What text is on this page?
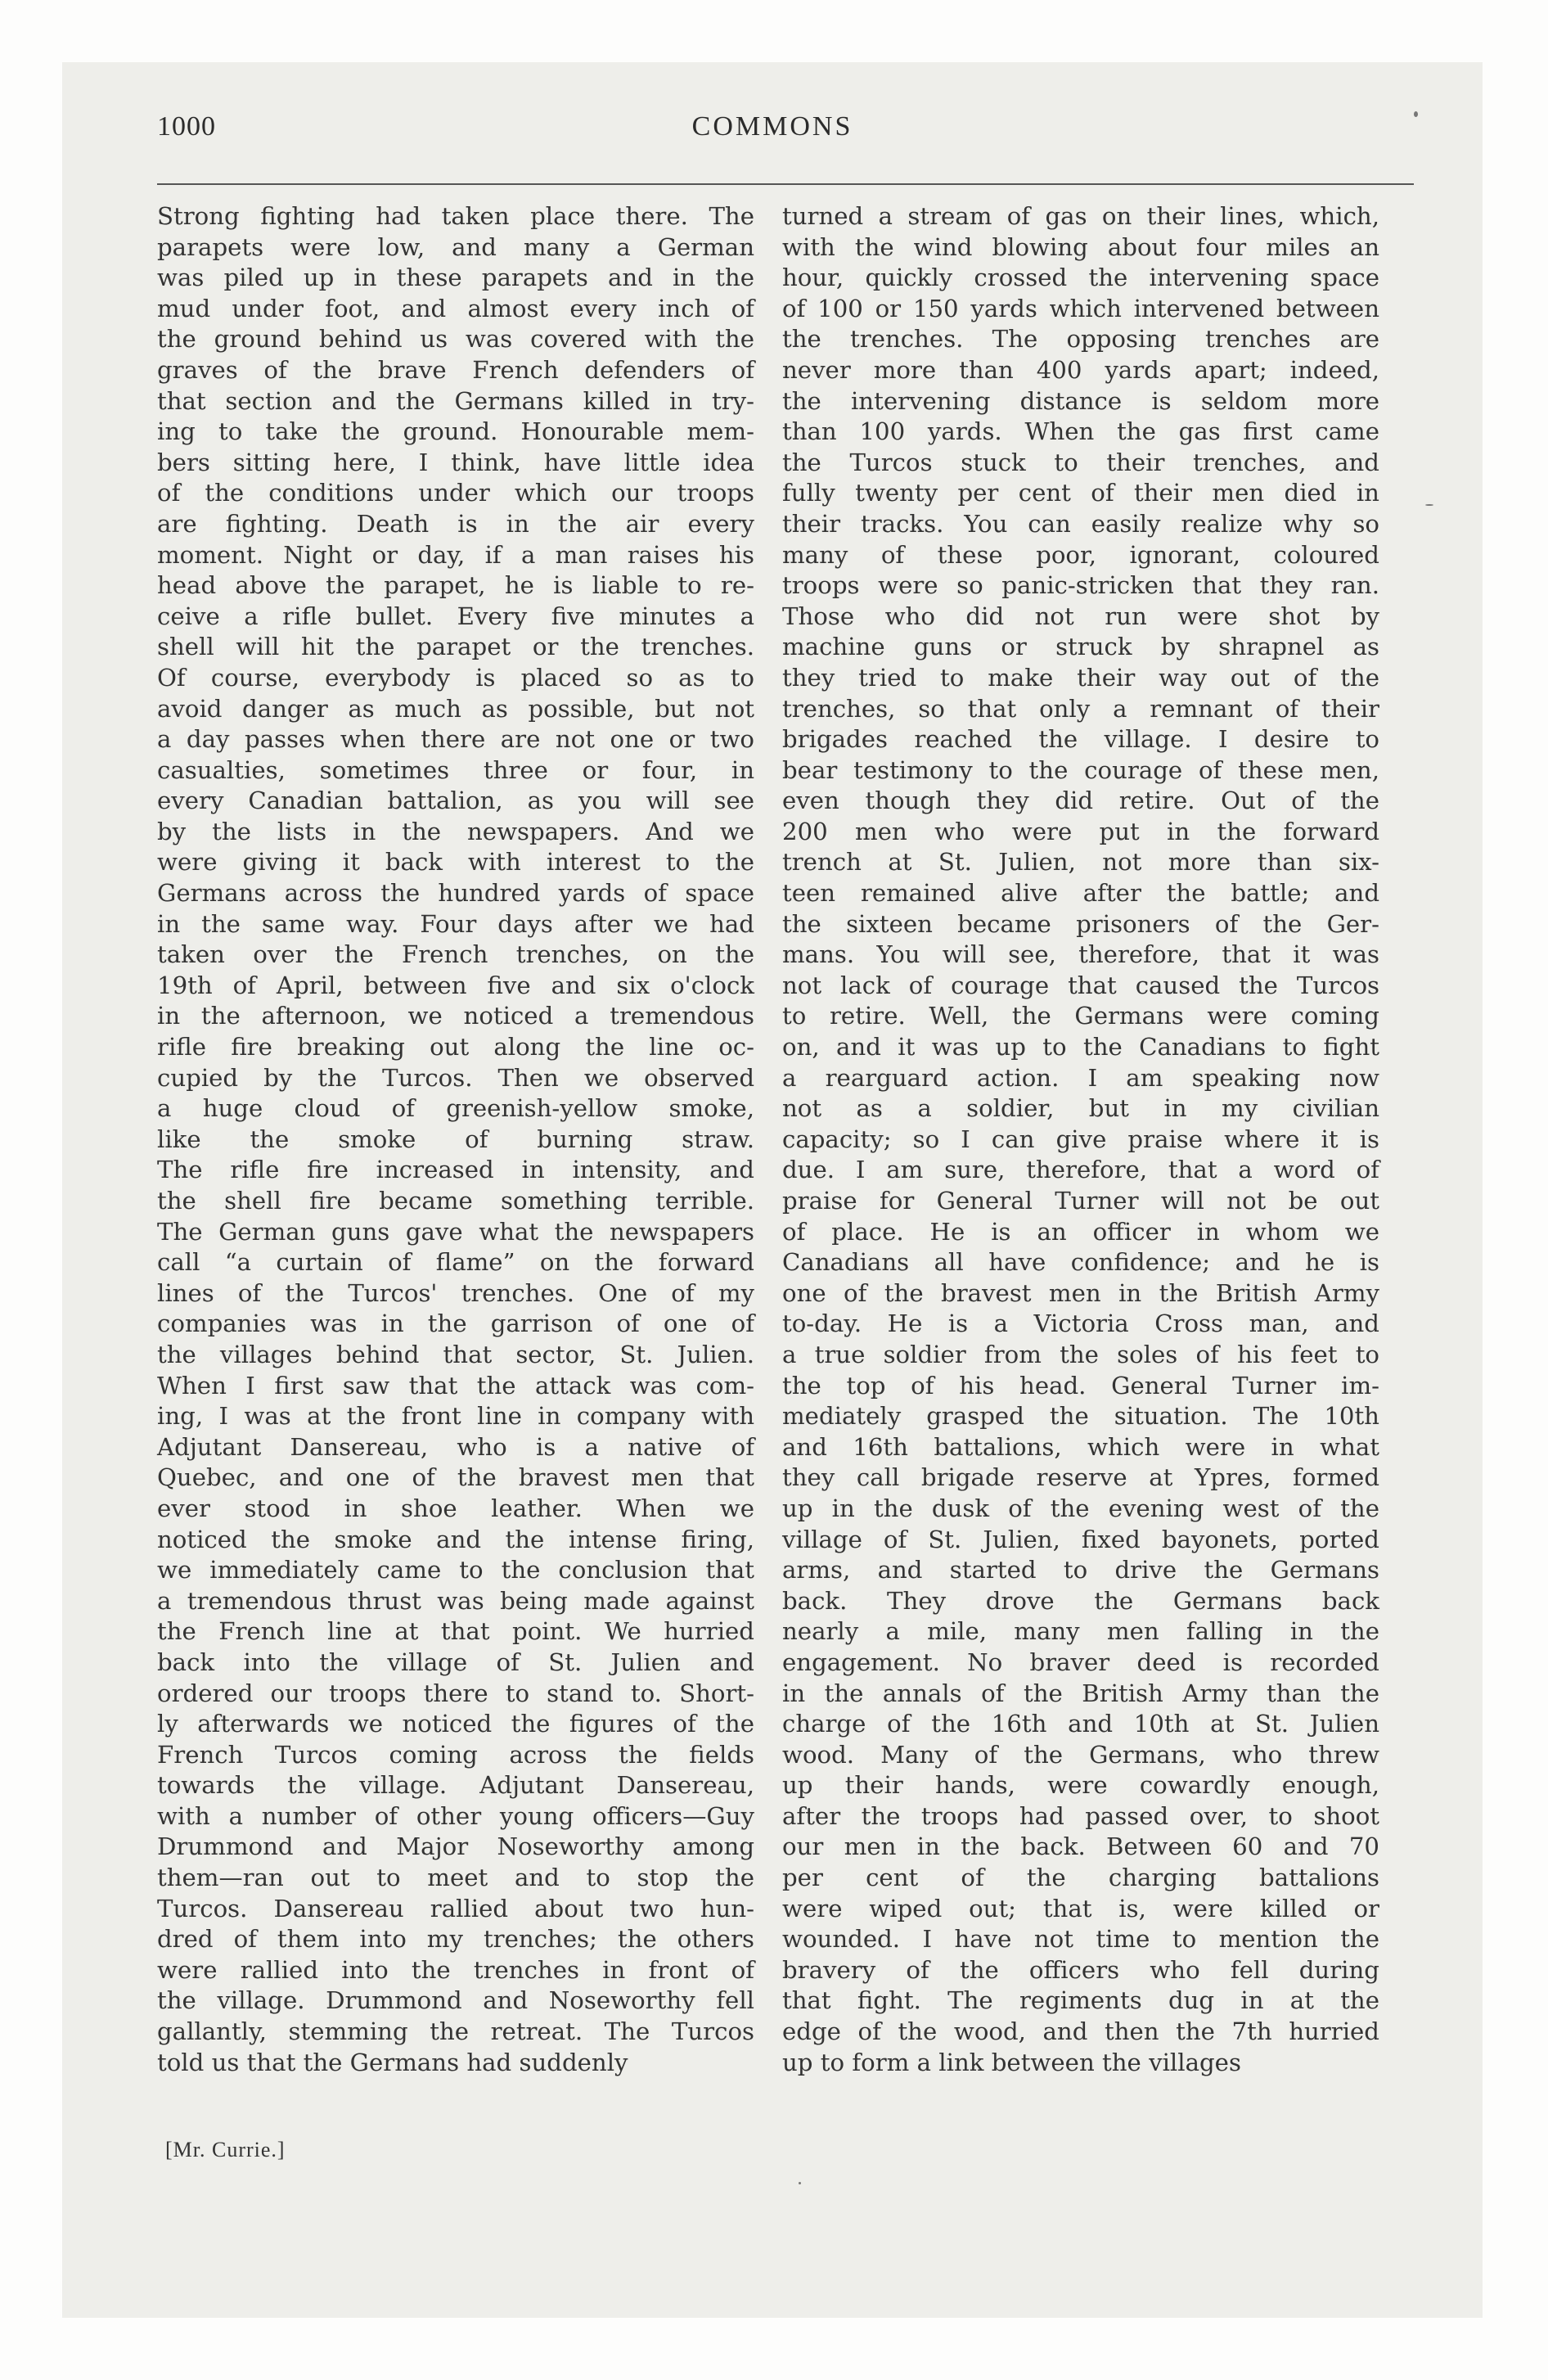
1000	COMMONS
Strong fighting had taken place there. The
parapets were low, and many a German
was piled up in these parapets and in the
mud under foot, and almost every inch of
the ground behind us was covered with the
graves of the brave French defenders of
that section and the Germans killed in try-
ing to take the ground. Honourable mem-
bers sitting here, I think, have little idea
of the conditions under which our troops
are fighting. Death is in the air every
moment. Night or day, if a man raises his
head above the parapet, he is liable to re-
ceive a rifle bullet. Every five minutes a
shell will hit the parapet or the trenches.
Of course, everybody is placed so as to
avoid danger as much as possible, but not
a day passes when there are not one or two
casualties, sometimes three or four, in
every Canadian battalion, as you will see
by the lists in the newspapers. And we
were giving it back with interest to the
Germans across the hundred yards of space
in the same way. Four days after we had
taken over the French trenches, on the
19th of April, between five and six o'clock
in the afternoon, we noticed a tremendous
rifle fire breaking out along the line oc-
cupied by the Turcos. Then we observed
a huge cloud of greenish-yellow smoke,
like the smoke of burning straw.
The rifle fire increased in intensity, and
the shell fire became something terrible.
The German guns gave what the newspapers
call “a curtain of flame” on the forward
lines of the Turcos' trenches. One of my
companies was in the garrison of one of
the villages behind that sector, St. Julien.
When I first saw that the attack was com-
ing, I was at the front line in company with
Adjutant Dansereau, who is a native of
Quebec, and one of the bravest men that
ever stood in shoe leather. When we
noticed the smoke and the intense firing,
we immediately came to the conclusion that
a tremendous thrust was being made against
the French line at that point. We hurried
back into the village of St. Julien and
ordered our troops there to stand to. Short-
ly afterwards we noticed the figures of the
French Turcos coming across the fields
towards the village. Adjutant Dansereau,
with a number of other young officers—Guy
Drummond and Major Noseworthy among
them—ran out to meet and to stop the
Turcos. Dansereau rallied about two hun-
dred of them into my trenches; the others
were rallied into the trenches in front of
the village. Drummond and Noseworthy fell
gallantly, stemming the retreat. The Turcos
told us that the Germans had suddenly
turned a stream of gas on their lines, which,
with the wind blowing about four miles an
hour, quickly crossed the intervening space
of 100 or 150 yards which intervened between
the trenches. The opposing trenches are
never more than 400 yards apart; indeed,
the intervening distance is seldom more
than 100 yards. When the gas first came
the Turcos stuck to their trenches, and
fully twenty per cent of their men died in
their tracks. You can easily realize why so
many of these poor, ignorant, coloured
troops were so panic-stricken that they ran.
Those who did not run were shot by
machine guns or struck by shrapnel as
they tried to make their way out of the
trenches, so that only a remnant of their
brigades reached the village. I desire to
bear testimony to the courage of these men,
even though they did retire. Out of the
200 men who were put in the forward
trench at St. Julien, not more than six-
teen remained alive after the battle; and
the sixteen became prisoners of the Ger-
mans. You will see, therefore, that it was
not lack of courage that caused the Turcos
to retire. Well, the Germans were coming
on, and it was up to the Canadians to fight
a rearguard action. I am speaking now
not as a soldier, but in my civilian
capacity; so I can give praise where it is
due. I am sure, therefore, that a word of
praise for General Turner will not be out
of place. He is an officer in whom we
Canadians all have confidence; and he is
one of the bravest men in the British Army
to-day. He is a Victoria Cross man, and
a true soldier from the soles of his feet to
the top of his head. General Turner im-
mediately grasped the situation. The 10th
and 16th battalions, which were in what
they call brigade reserve at Ypres, formed
up in the dusk of the evening west of the
village of St. Julien, fixed bayonets, ported
arms, and started to drive the Germans
back. They drove the Germans back
nearly a mile, many men falling in the
engagement. No braver deed is recorded
in the annals of the British Army than the
charge of the 16th and 10th at St. Julien
wood. Many of the Germans, who threw
up their hands, were cowardly enough,
after the troops had passed over, to shoot
our men in the back. Between 60 and 70
per cent of the charging battalions
were wiped out; that is, were killed or
wounded. I have not time to mention the
bravery of the officers who fell during
that fight. The regiments dug in at the
edge of the wood, and then the 7th hurried
up to form a link between the villages
[Mr. Currie.]
